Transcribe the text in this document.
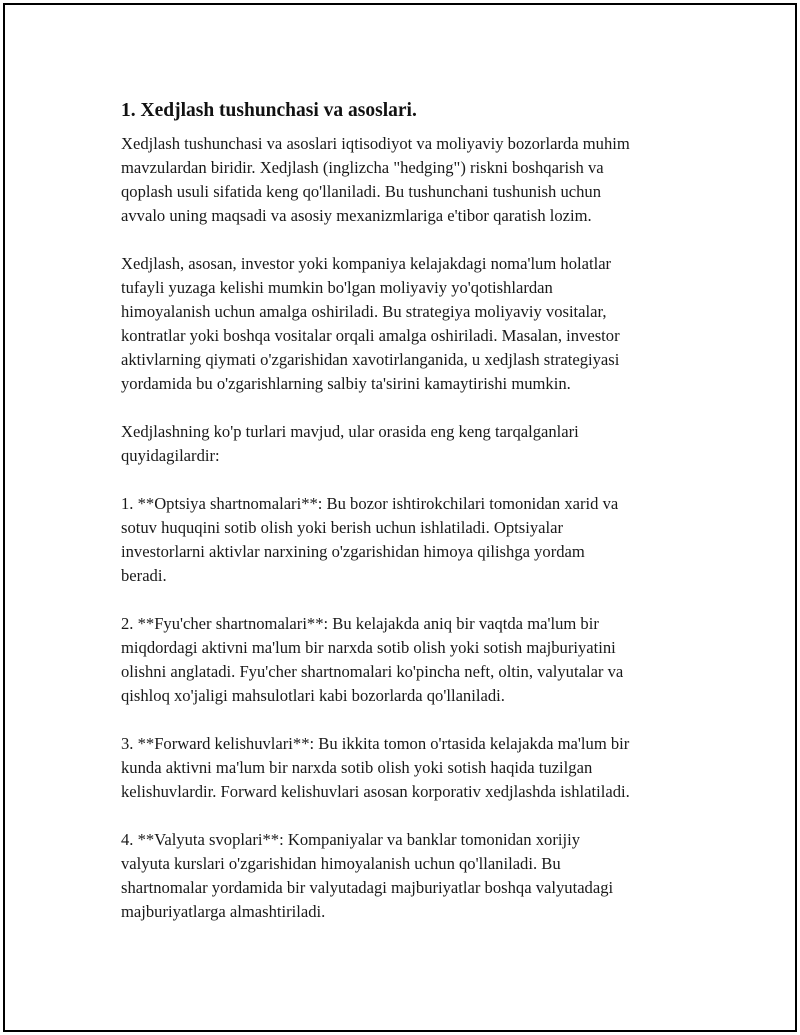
1. Xedjlash tushunchasi va asoslari.

Xedjlash tushunchasi va asoslari iqtisodiyot va moliyaviy bozorlarda muhim
mavzulardan biridir. Xedjlash (inglizcha "hedging") riskni boshqarish va
qoplash usuli sifatida keng qo'llaniladi. Bu tushunchani tushunish uchun
avvalo uning maqsadi va asosiy mexanizmlariga e'tibor qaratish lozim.

Xedjlash, asosan, investor yoki kompaniya kelajakdagi noma'lum holatlar
tufayli yuzaga kelishi mumkin bo'lgan moliyaviy yo'qotishlardan
himoyalanish uchun amalga oshiriladi. Bu strategiya moliyaviy vositalar,
kontratlar yoki boshqa vositalar orqali amalga oshiriladi. Masalan, investor
aktivlarning qiymati o'zgarishidan xavotirlanganida, u xedjlash strategiyasi
yordamida bu o'zgarishlarning salbiy ta'sirini kamaytirishi mumkin.

Xedjlashning ko'p turlari mavjud, ular orasida eng keng tarqalganlari
quyidagilardir:

1. **Optsiya shartnomalari**: Bu bozor ishtirokchilari tomonidan xarid va
sotuv huquqini sotib olish yoki berish uchun ishlatiladi. Optsiyalar
investorlarni aktivlar narxining o'zgarishidan himoya qilishga yordam
beradi.

2. **Fyu'cher shartnomalari**: Bu kelajakda aniq bir vaqtda ma'lum bir
miqdordagi aktivni ma'lum bir narxda sotib olish yoki sotish majburiyatini
olishni anglatadi. Fyu'cher shartnomalari ko'pincha neft, oltin, valyutalar va
qishloq xo'jaligi mahsulotlari kabi bozorlarda qo'llaniladi.

3. **Forward kelishuvlari**: Bu ikkita tomon o'rtasida kelajakda ma'lum bir
kunda aktivni ma'lum bir narxda sotib olish yoki sotish haqida tuzilgan
kelishuvlardir. Forward kelishuvlari asosan korporativ xedjlashda ishlatiladi.

4. **Valyuta svoplari**: Kompaniyalar va banklar tomonidan xorijiy
valyuta kurslari o'zgarishidan himoyalanish uchun qo'llaniladi. Bu
shartnomalar yordamida bir valyutadagi majburiyatlar boshqa valyutadagi
majburiyatlarga almashtiriladi.
